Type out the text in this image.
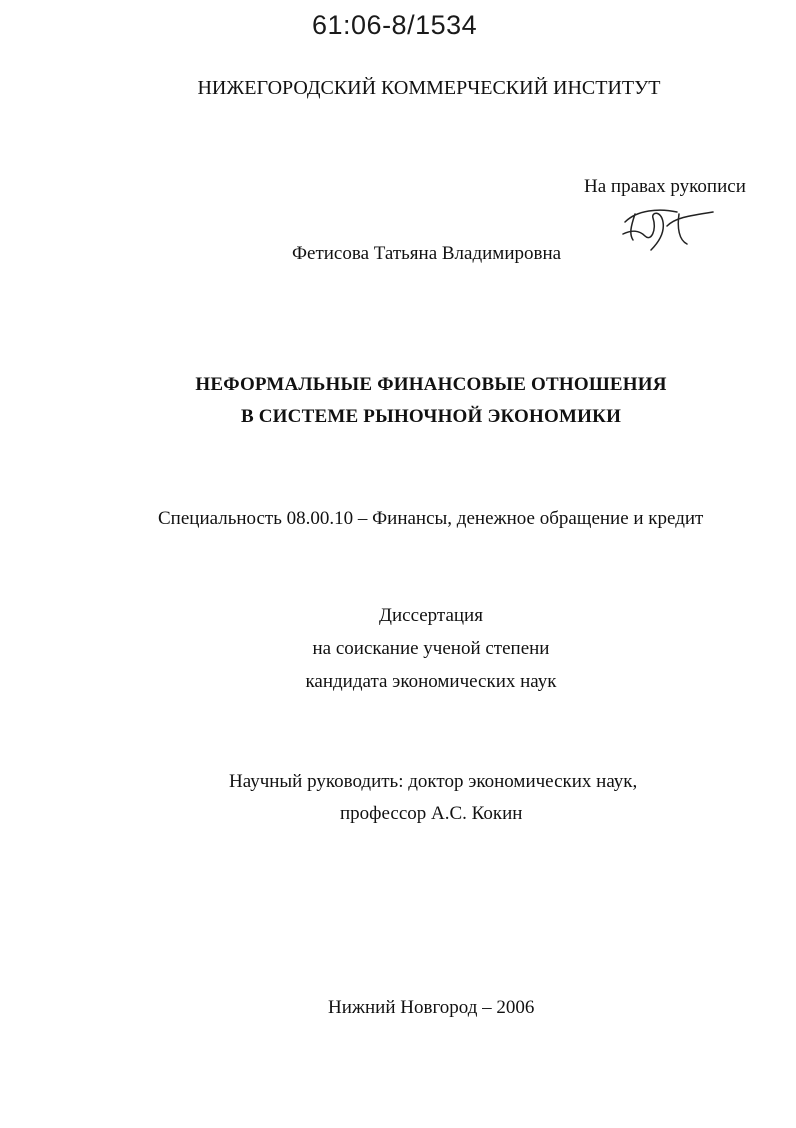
61:06-8/1534

НИЖЕГОРОДСКИЙ КОММЕРЧЕСКИЙ ИНСТИТУТ

На правах рукописи

Фетисова Татьяна Владимировна

НЕФОРМАЛЬНЫЕ ФИНАНСОВЫЕ ОТНОШЕНИЯ

В СИСТЕМЕ РЫНОЧНОЙ ЭКОНОМИКИ

Специальность 08.00.10 – Финансы, денежное обращение и кредит

Диссертация

на соискание ученой степени

кандидата экономических наук

Научный руководить: доктор экономических наук,

профессор А.С. Кокин

Нижний Новгород – 2006
